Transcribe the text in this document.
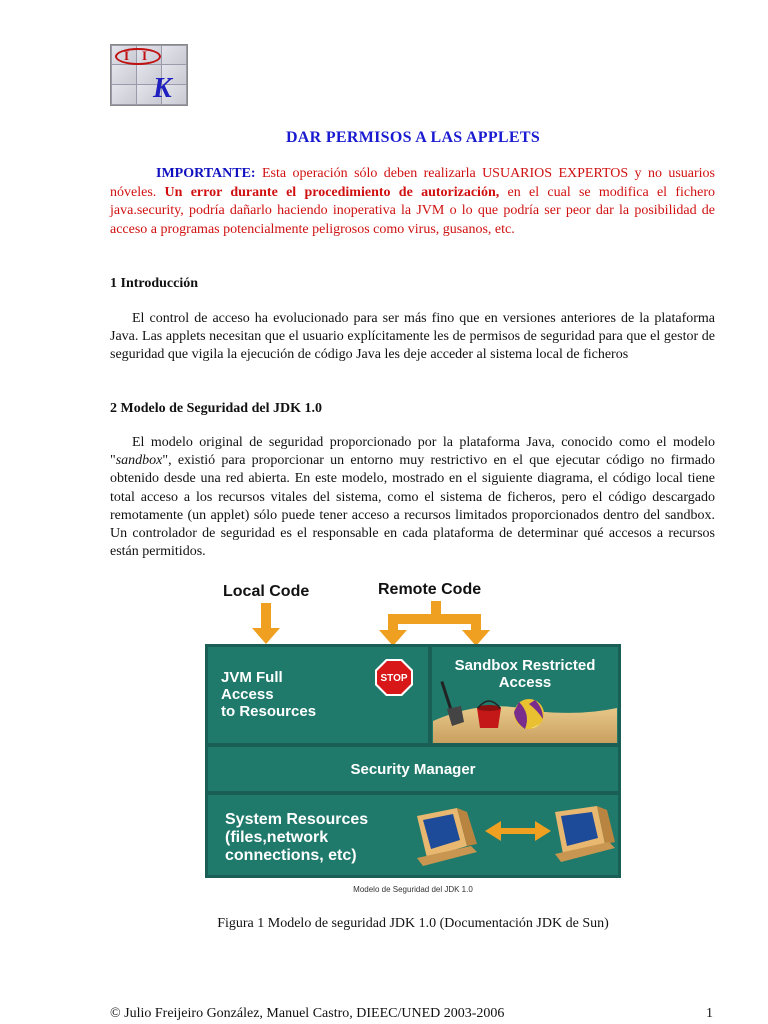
I I
K
DAR PERMISOS A LAS APPLETS
IMPORTANTE: Esta operación sólo deben realizarla USUARIOS EXPERTOS y no usuarios nóveles. Un error durante el procedimiento de autorización, en el cual se modifica el fichero java.security, podría dañarlo haciendo inoperativa la JVM o lo que podría ser peor dar la posibilidad de acceso a programas potencialmente peligrosos como virus, gusanos, etc.
1 Introducción
El control de acceso ha evolucionado para ser más fino que en versiones anteriores de la plataforma Java. Las applets necesitan que el usuario explícitamente les de permisos de seguridad para que el gestor de seguridad que vigila la ejecución de código Java les deje acceder al sistema local de ficheros
2 Modelo de Seguridad del JDK 1.0
El modelo original de seguridad proporcionado por la plataforma Java, conocido como el modelo "sandbox", existió para proporcionar un entorno muy restrictivo en el que ejecutar código no firmado obtenido desde una red abierta. En este modelo, mostrado en el siguiente diagrama, el código local tiene total acceso a los recursos vitales del sistema, como el sistema de ficheros, pero el código descargado remotamente (un applet) sólo puede tener acceso a recursos limitados proporcionados dentro del sandbox. Un controlador de seguridad es el responsable en cada plataforma de determinar qué accesos a recursos están permitidos.
Local Code	Remote Code
JVM Full
Access
to Resources
STOP
Sandbox Restricted
Access
Security Manager
System Resources
(files,network
connections, etc)
Modelo de Seguridad del JDK 1.0
Figura 1 Modelo de seguridad JDK 1.0 (Documentación JDK de Sun)
© Julio Freijeiro González, Manuel Castro, DIEEC/UNED 2003-2006	1
